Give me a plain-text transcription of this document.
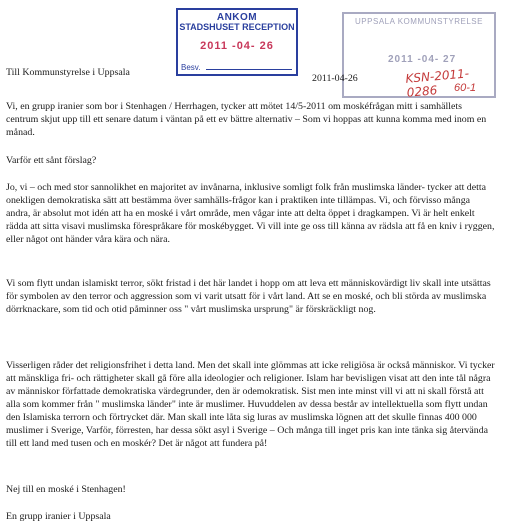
ANKOM
STADSHUSET RECEPTION
2011 -04- 26
Besv.
UPPSALA KOMMUNSTYRELSE
2011 -04- 27
KSN-2011-0286	60-1
Till Kommunstyrelse i Uppsala
2011-04-26

Vi, en grupp iranier som bor i Stenhagen / Herrhagen, tycker att mötet 14/5-2011 om moskéfrågan mitt i samhällets centrum skjut upp till ett senare datum i väntan på ett ev bättre alternativ – Som vi hoppas att kunna komma med inom en månad.

Varför ett sånt förslag?

Jo, vi – och med stor sannolikhet en majoritet av invånarna, inklusive somligt folk från muslimska länder- tycker att detta onekligen demokratiska sätt att bestämma över samhälls-frågor kan i praktiken inte tillämpas. Vi, och förvisso många andra, är absolut mot idén att ha en moské i vårt område, men vågar inte att delta öppet i dragkampen. Vi är helt enkelt rädda att sitta visavi muslimska förespråkare för moskébygget. Vi vill inte ge oss till känna av rädsla att få en kniv i ryggen, eller något ont händer våra kära och nära.

Vi som flytt undan islamiskt terror, sökt fristad i det här landet i hopp om att leva ett människovärdigt liv skall inte utsättas för symbolen av den terror och aggression som vi varit utsatt för i vårt land. Att se en moské, och bli störda av muslimska dörrknackare, som tid och otid påminner oss " vårt muslimska ursprung" är förskräckligt nog.

Visserligen råder det religionsfrihet i detta land. Men det skall inte glömmas att icke religiösa är också människor. Vi tycker att mänskliga fri- och rättigheter skall gå före alla ideologier och religioner. Islam har bevisligen visat att den inte tål några av människor författade demokratiska värdegrunder, den är odemokratisk. Sist men inte minst vill vi att ni skall förstå att alla som kommer från " muslimska länder" inte är muslimer. Huvuddelen av dessa består av intellektuella som flytt undan den Islamiska terrorn och förtrycket där. Man skall inte låta sig luras av muslimska lögnen att det skulle finnas 400 000 muslimer i Sverige, Varför, förresten, har dessa sökt asyl i Sverige – Och många till inget pris kan inte tänka sig återvända till ett land med tusen och en moskér? Det är något att fundera på!

Nej till en moské i Stenhagen!

En grupp iranier i Uppsala
